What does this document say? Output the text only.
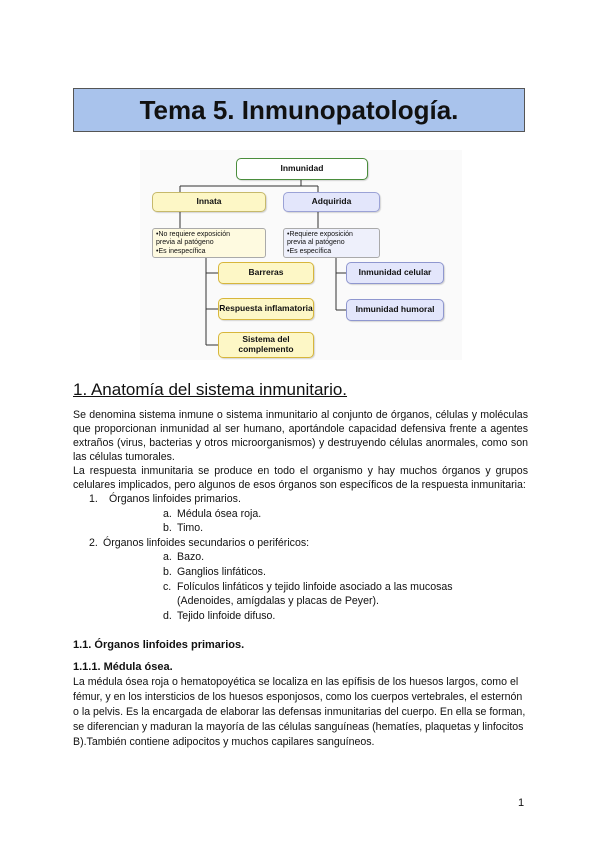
Tema 5. Inmunopatología.
Inmunidad
Innata	Adquirida
•No requiere exposición
previa al patógeno
•Es inespecífica
•Requiere exposición
previa al patógeno
•Es específica
Barreras
Respuesta inflamatoria
Sistema del
complemento
Inmunidad celular
Inmunidad humoral
1. Anatomía del sistema inmunitario.

Se denomina sistema inmune o sistema inmunitario al conjunto de órganos, células y moléculas que proporcionan inmunidad al ser humano, aportándole capacidad defensiva frente a agentes extraños (virus, bacterias y otros microorganismos) y destruyendo células anormales, como son las células tumorales.

La respuesta inmunitaria se produce en todo el organismo y hay muchos órganos y grupos celulares implicados, pero algunos de esos órganos son específicos de la respuesta inmunitaria:

1. Órganos linfoides primarios.
a. Médula ósea roja.
b. Timo.
2. Órganos linfoides secundarios o periféricos:
a. Bazo.
b. Ganglios linfáticos.
c. Folículos linfáticos y tejido linfoide asociado a las mucosas (Adenoides, amígdalas y placas de Peyer).
d. Tejido linfoide difuso.
1.1. Órganos linfoides primarios.
1.1.1. Médula ósea.

La médula ósea roja o hematopoyética se localiza en las epífisis de los huesos largos, como el fémur, y en los intersticios de los huesos esponjosos, como los cuerpos vertebrales, el esternón o la pelvis. Es la encargada de elaborar las defensas inmunitarias del cuerpo. En ella se forman, se diferencian y maduran la mayoría de las células sanguíneas (hematíes, plaquetas y linfocitos B).También contiene adipocitos y muchos capilares sanguíneos.

1
